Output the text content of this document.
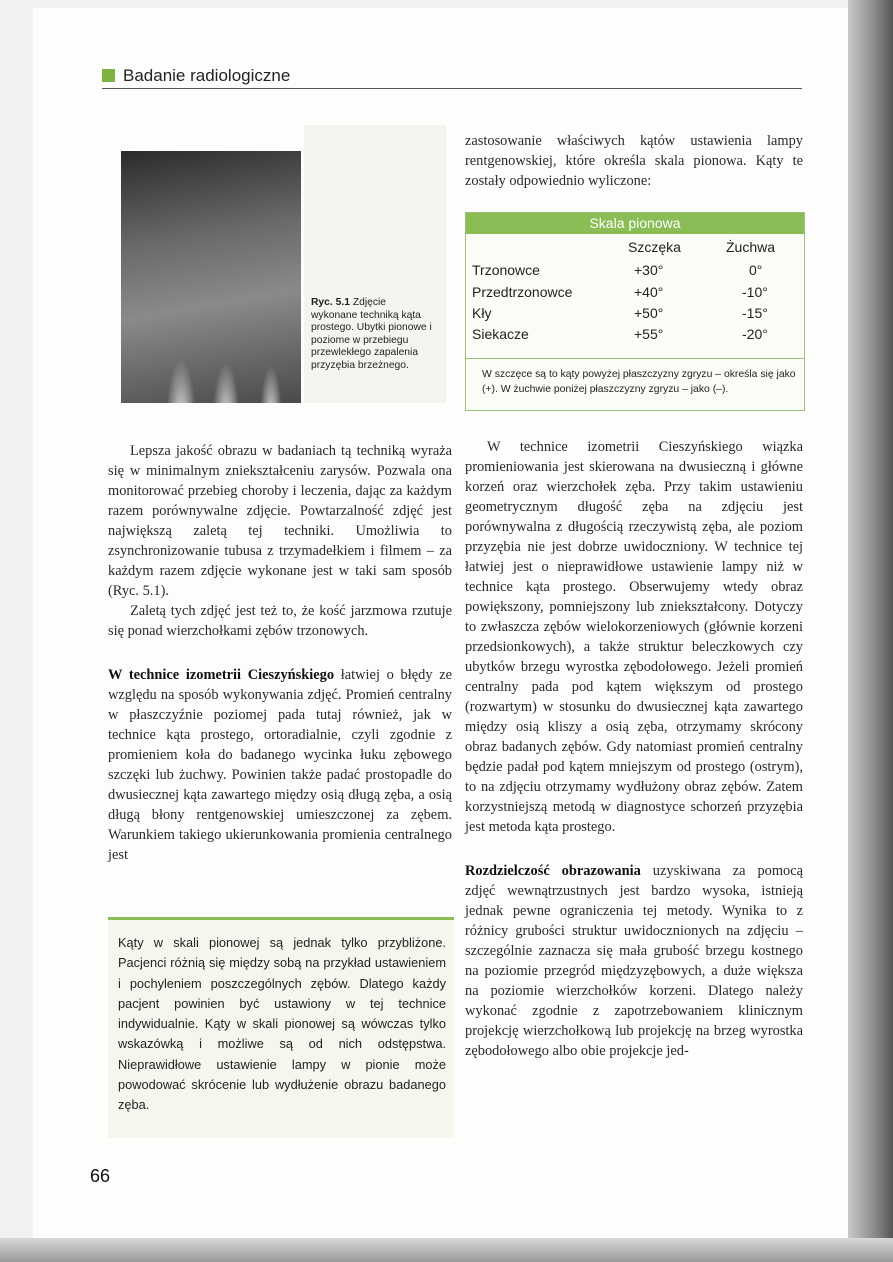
Badanie radiologiczne
Ryc. 5.1 Zdjęcie wykonane techniką kąta prostego. Ubytki pionowe i poziome w przebiegu przewlekłego zapalenia przyzębia brzeżnego.

Lepsza jakość obrazu w badaniach tą techniką wyraża się w minimalnym zniekształceniu zarysów. Pozwala ona monitorować przebieg choroby i leczenia, dając za każdym razem porównywalne zdjęcie. Powtarzalność zdjęć jest największą zaletą tej techniki. Umożliwia to zsynchronizowanie tubusa z trzymadełkiem i filmem – za każdym razem zdjęcie wykonane jest w taki sam sposób (Ryc. 5.1).

Zaletą tych zdjęć jest też to, że kość jarzmowa rzutuje się ponad wierzchołkami zębów trzonowych.

W technice izometrii Cieszyńskiego łatwiej o błędy ze względu na sposób wykonywania zdjęć. Promień centralny w płaszczyźnie poziomej pada tutaj również, jak w technice kąta prostego, ortoradialnie, czyli zgodnie z promieniem koła do badanego wycinka łuku zębowego szczęki lub żuchwy. Powinien także padać prostopadle do dwusiecznej kąta zawartego między osią długą zęba, a osią długą błony rentgenowskiej umieszczonej za zębem. Warunkiem takiego ukierunkowania promienia centralnego jest

Kąty w skali pionowej są jednak tylko przybliżone. Pacjenci różnią się między sobą na przykład ustawieniem i pochyleniem poszczególnych zębów. Dlatego każdy pacjent powinien być ustawiony w tej technice indywidualnie. Kąty w skali pionowej są wówczas tylko wskazówką i możliwe są od nich odstępstwa. Nieprawidłowe ustawienie lampy w pionie może powodować skrócenie lub wydłużenie obrazu badanego zęba.

zastosowanie właściwych kątów ustawienia lampy rentgenowskiej, które określa skala pionowa. Kąty te zostały odpowiednio wyliczone:

Skala pionowa
Szczęka	Żuchwa
Trzonowce	+30°	0°
Przedtrzonowce	+40°	-10°
Kły	+50°	-15°
Siekacze	+55°	-20°
W szczęce są to kąty powyżej płaszczyzny zgryzu – określa się jako (+). W żuchwie poniżej płaszczyzny zgryzu – jako (–).

W technice izometrii Cieszyńskiego wiązka promieniowania jest skierowana na dwusieczną i główne korzeń oraz wierzchołek zęba. Przy takim ustawieniu geometrycznym długość zęba na zdjęciu jest porównywalna z długością rzeczywistą zęba, ale poziom przyzębia nie jest dobrze uwidoczniony. W technice tej łatwiej jest o nieprawidłowe ustawienie lampy niż w technice kąta prostego. Obserwujemy wtedy obraz powiększony, pomniejszony lub zniekształcony. Dotyczy to zwłaszcza zębów wielokorzeniowych (głównie korzeni przedsionkowych), a także struktur beleczkowych czy ubytków brzegu wyrostka zębodołowego. Jeżeli promień centralny pada pod kątem większym od prostego (rozwartym) w stosunku do dwusiecznej kąta zawartego między osią kliszy a osią zęba, otrzymamy skrócony obraz badanych zębów. Gdy natomiast promień centralny będzie padał pod kątem mniejszym od prostego (ostrym), to na zdjęciu otrzymamy wydłużony obraz zębów. Zatem korzystniejszą metodą w diagnostyce schorzeń przyzębia jest metoda kąta prostego.

Rozdzielczość obrazowania uzyskiwana za pomocą zdjęć wewnątrzustnych jest bardzo wysoka, istnieją jednak pewne ograniczenia tej metody. Wynika to z różnicy grubości struktur uwidocznionych na zdjęciu – szczególnie zaznacza się mała grubość brzegu kostnego na poziomie przegród międzyzębowych, a duże większa na poziomie wierzchołków korzeni. Dlatego należy wykonać zgodnie z zapotrzebowaniem klinicznym projekcję wierzchołkową lub projekcję na brzeg wyrostka zębodołowego albo obie projekcje jed-

66
